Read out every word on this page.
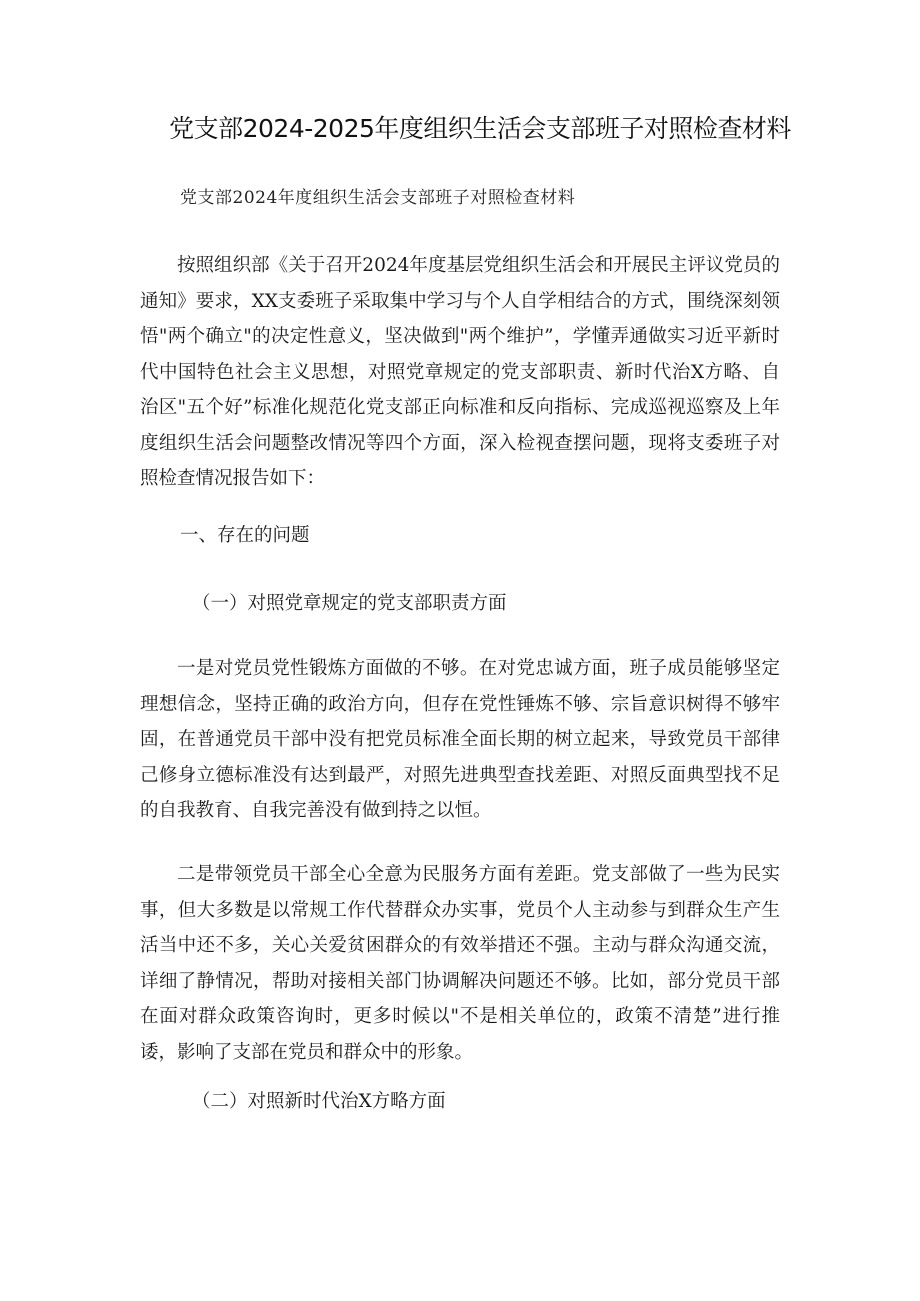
党支部2024-2025年度组织生活会支部班子对照检查材料
党支部2024年度组织生活会支部班子对照检查材料

按照组织部《关于召开2024年度基层党组织生活会和开展民主评议党员的通知》要求，XX支委班子采取集中学习与个人自学相结合的方式，围绕深刻领悟"两个确立"的决定性意义，坚决做到"两个维护”，学懂弄通做实习近平新时代中国特色社会主义思想，对照党章规定的党支部职责、新时代治X方略、自治区"五个好”标准化规范化党支部正向标准和反向指标、完成巡视巡察及上年度组织生活会问题整改情况等四个方面，深入检视查摆问题，现将支委班子对照检查情况报告如下：

一、存在的问题
（一）对照党章规定的党支部职责方面

一是对党员党性锻炼方面做的不够。在对党忠诚方面，班子成员能够坚定理想信念，坚持正确的政治方向，但存在党性锤炼不够、宗旨意识树得不够牢固，在普通党员干部中没有把党员标准全面长期的树立起来，导致党员干部律己修身立德标准没有达到最严，对照先进典型查找差距、对照反面典型找不足的自我教育、自我完善没有做到持之以恒。

二是带领党员干部全心全意为民服务方面有差距。党支部做了一些为民实事，但大多数是以常规工作代替群众办实事，党员个人主动参与到群众生产生活当中还不多，关心关爱贫困群众的有效举措还不强。主动与群众沟通交流，详细了静情况，帮助对接相关部门协调解决问题还不够。比如，部分党员干部在面对群众政策咨询时，更多时候以"不是相关单位的，政策不清楚”进行推诿，影响了支部在党员和群众中的形象。

（二）对照新时代治X方略方面
